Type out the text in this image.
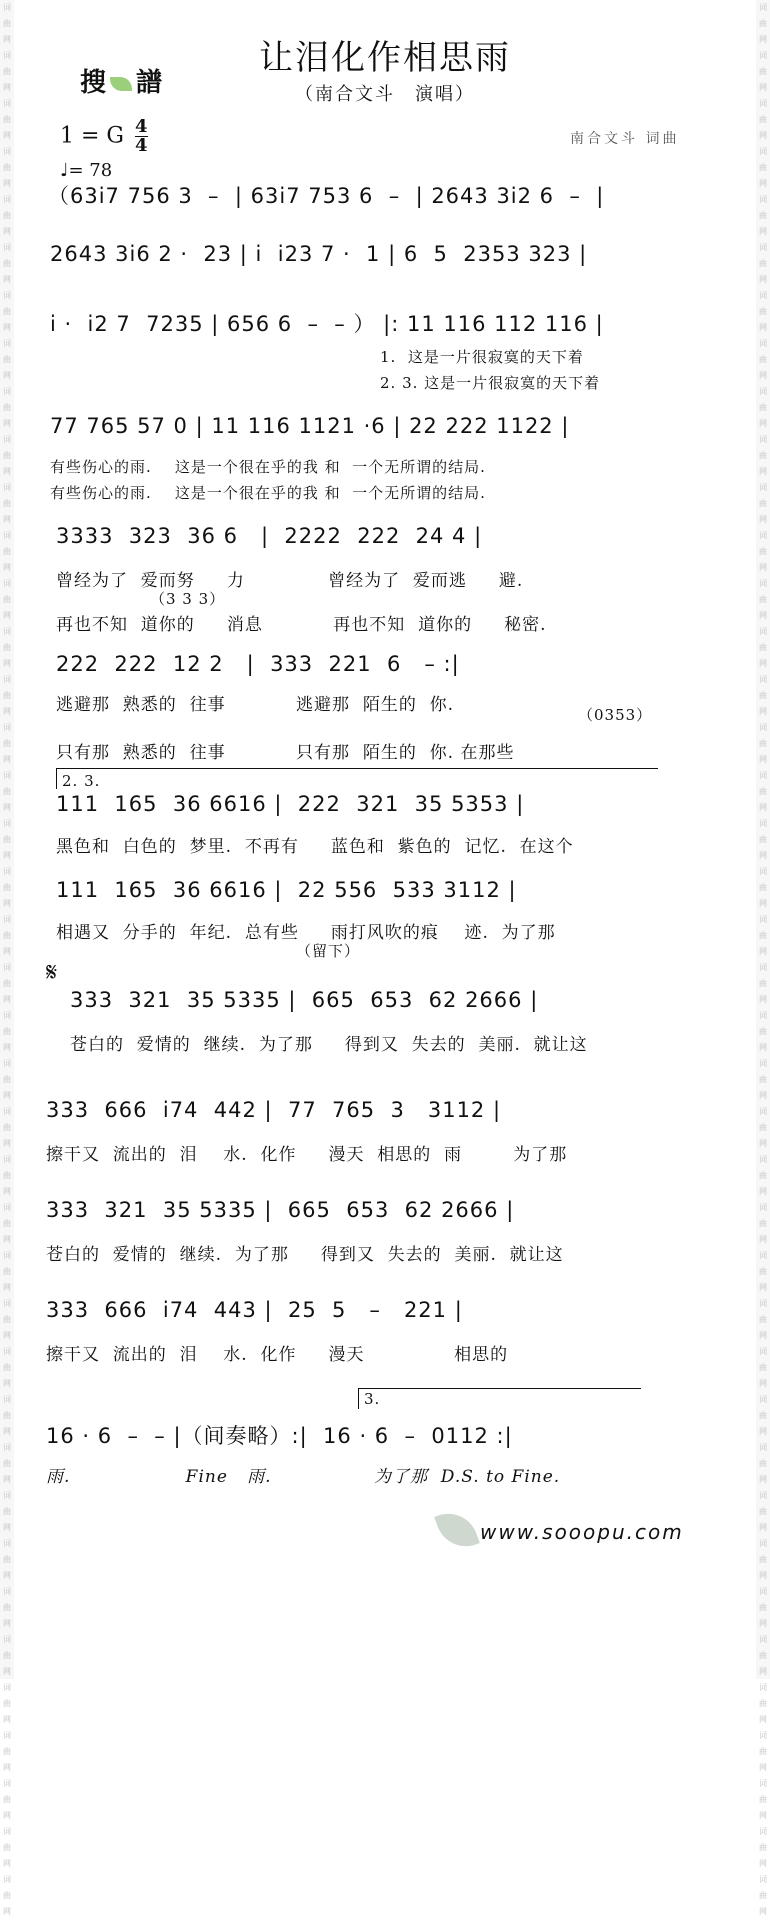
词曲网 词曲网 词曲网 词曲网 词曲网 词曲网 词曲网 词曲网 词曲网 词曲网 词曲网 词曲网 词曲网 词曲网 词曲网 词曲网 词曲网 词曲网 词曲网 词曲网 词曲网 词曲网 词曲网 词曲网 词曲网 词曲网 词曲网 词曲网 词曲网 词曲网 词曲网 词曲网 词曲网 词曲网 词曲网 词曲网 词曲网 词曲网 词曲网 词曲网
词曲网 词曲网 词曲网 词曲网 词曲网 词曲网 词曲网 词曲网 词曲网 词曲网 词曲网 词曲网 词曲网 词曲网 词曲网 词曲网 词曲网 词曲网 词曲网 词曲网 词曲网 词曲网 词曲网 词曲网 词曲网 词曲网 词曲网 词曲网 词曲网 词曲网 词曲网 词曲网 词曲网 词曲网 词曲网 词曲网 词曲网 词曲网 词曲网 词曲网
搜 譜
让泪化作相思雨
（南合文斗　演唱）
1 = G $\frac{4}{4}$
♩= 78
南合文斗 词曲
（63i7 756 3  –  | 63i7 753 6  –  | 2643 3i2 6  –  |
2643 3i6 2 ·  23 | i  i23 7 ·  1 | 6  5  2353 323 |
i ·  i2 7  7235 | 656 6  –  – ） |: 11 116 112 116 |
1.  这是一片很寂寞的天下着
2. 3. 这是一片很寂寞的天下着
77 765 57 0 | 11 116 1121 ·6 | 22 222 1122 |
有些伤心的雨.    这是一个很在乎的我 和  一个无所谓的结局.
有些伤心的雨.    这是一个很在乎的我 和  一个无所谓的结局.
3333  323  36 6   |  2222  222  24 4 |
曾经为了  爱而努     力             曾经为了  爱而逃     避.
（3 3 3）
再也不知  道你的     消息           再也不知  道你的     秘密.
222  222  12 2   |  333  221  6   – :|
逃避那  熟悉的  往事           逃避那  陌生的  你.	（0353）
只有那  熟悉的  往事           只有那  陌生的  你. 在那些
2. 3.
111  165  36 6616 |  222  321  35 5353 |
黑色和  白色的  梦里.  不再有     蓝色和  紫色的  记忆.  在这个
111  165  36 6616 |  22 556  533 3112 |
相遇又  分手的  年纪.  总有些     雨打风吹的痕    迹.  为了那
（留下）
𝄋
333  321  35 5335 |  665  653  62 2666 |
苍白的  爱情的  继续.  为了那     得到又  失去的  美丽.  就让这
333  666  i74  442 |  77  765  3   3112 |
擦干又  流出的  泪    水.  化作     漫天  相思的  雨        为了那
333  321  35 5335 |  665  653  62 2666 |
苍白的  爱情的  继续.  为了那     得到又  失去的  美丽.  就让这
333  666  i74  443 |  25  5   –   221 |
擦干又  流出的  泪    水.  化作     漫天              相思的
3.
16 · 6  –  – |（间奏略）:|  16 · 6  –  0112 :|
雨.                  Fine   雨.                为了那  D.S. to Fine.
www.sooopu.com
